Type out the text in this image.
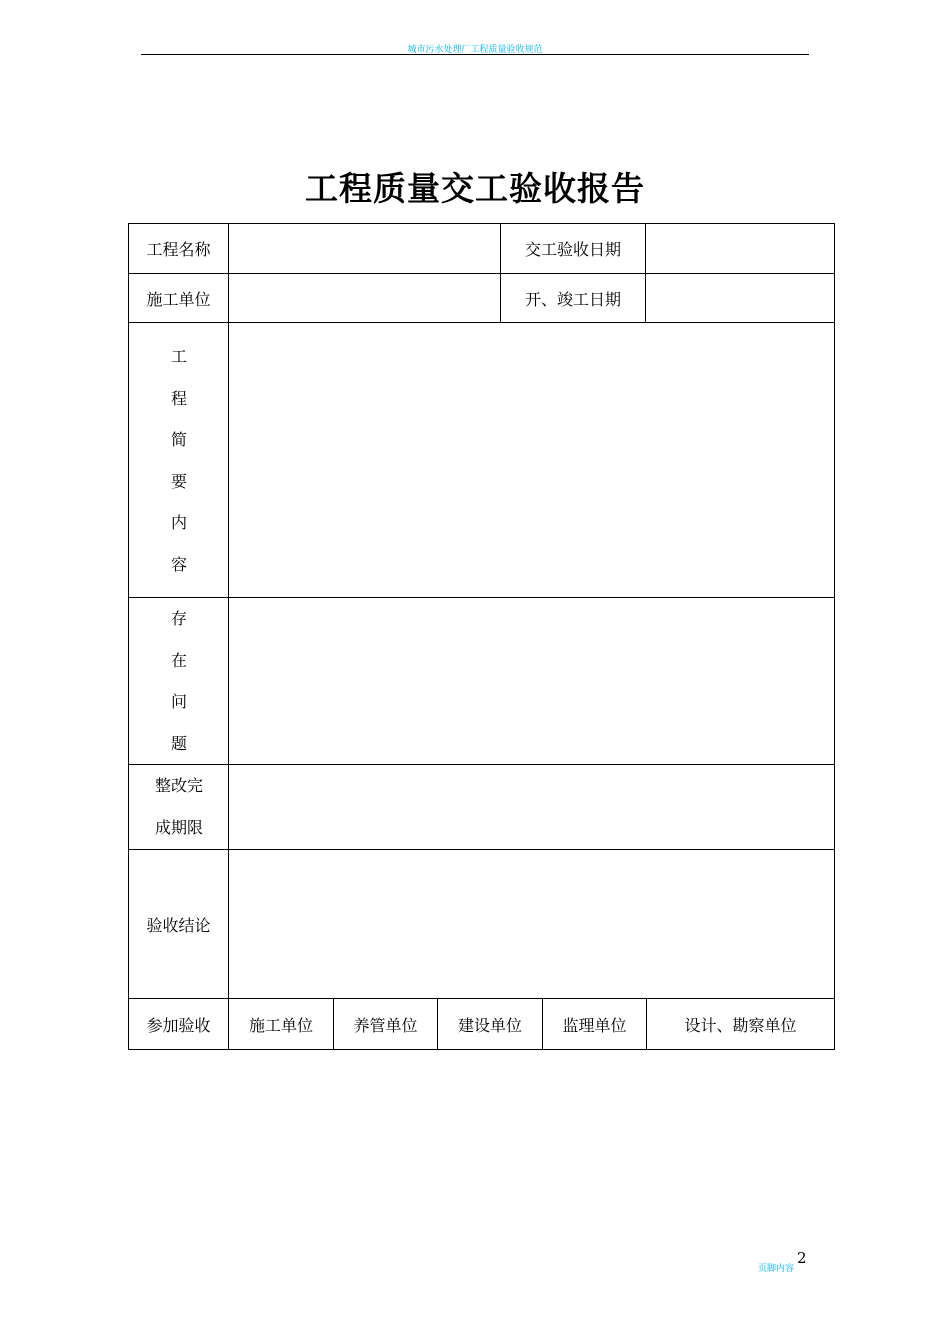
城市污水处理厂工程质量验收规范
工程质量交工验收报告
工程名称	交工验收日期
施工单位	开、竣工日期
工
程
简
要
内
容
存
在
问
题
整改完
成期限
验收结论
参加验收	施工单位	养管单位	建设单位	监理单位	设计、勘察单位
2
页脚内容
